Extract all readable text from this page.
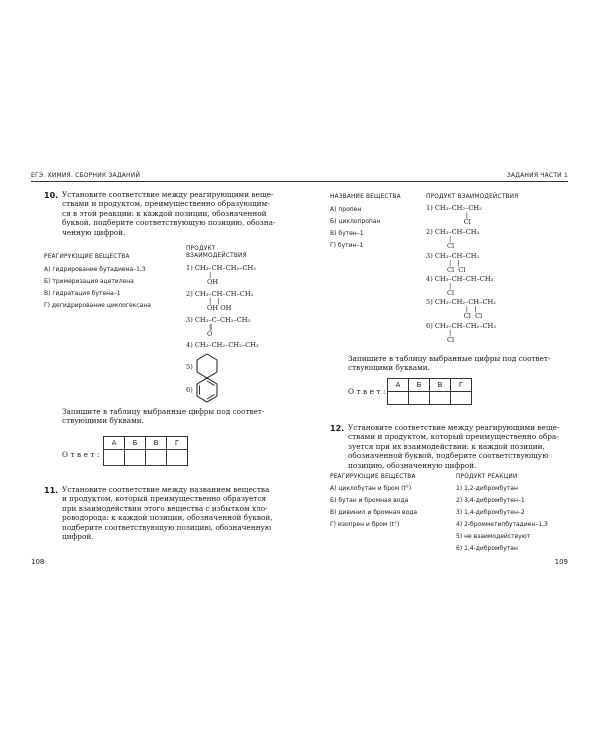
ЕГЭ. ХИМИЯ. СБОРНИК ЗАДАНИЙ
10. Установите соответствие между реагирующими веще-
ствами и продуктом, преимущественно образующим-
ся в этой реакции: к каждой позиции, обозначенной
буквой, подберите соответствующую позицию, обозна-
ченную цифрой.
РЕАГИРУЮЩИЕ ВЕЩЕСТВА
ПРОДУКТ
ВЗАИМОДЕЙСТВИЯ
А) гидрирование бутадиена–1,3
Б) тримеризация ацетилена
В) гидратация бутена–1
Г) дегидрирование циклогексана
1) CH₃–CH–CH₂–CH₃
|
OH
2) CH₃–CH–CH–CH₃
|   |
OH OH
3) CH₃–C–CH₂–CH₃
‖
O
4) CH₃–CH₂–CH₂–CH₃
5)
6)
Запишите в таблицу выбранные цифры под соответ-
ствующими буквами.
Ответ:
А	Б	В	Г

11. Установите соответствие между названием вещества
и продуктом, который преимущественно образуется
при взаимодействии этого вещества с избытком хло-
роводорода: к каждой позиции, обозначенной буквой,
подберите соответствующую позицию, обозначенную
цифрой.
108
ЗАДАНИЯ ЧАСТИ 1
НАЗВАНИЕ ВЕЩЕСТВА	ПРОДУКТ ВЗАИМОДЕЙСТВИЯ
А) пропен
Б) циклопропан
В) бутен–1
Г) бутин–1
1) CH₃–CH₂–CH₂
|
Cl
2) CH₃–CH–CH₃
|
Cl
3) CH₃–CH–CH₂
|   |
Cl  Cl
4) CH₃–CH–CH–CH₃
|
Cl
5) CH₃–CH₂–CH–CH₂
|   |
Cl  Cl
6) CH₃–CH–CH₂–CH₃
|
Cl
Запишите в таблицу выбранные цифры под соответ-
ствующими буквами.
Ответ:
А	Б	В	Г

12. Установите соответствие между реагирующими веще-
ствами и продуктом, который преимущественно обра-
зуется при их взаимодействии: к каждой позиции,
обозначенной буквой, подберите соответствующую
позицию, обозначенную цифрой.
РЕАГИРУЮЩИЕ ВЕЩЕСТВА	ПРОДУКТ РЕАКЦИИ
А) циклобутан и бром (t°)
Б) бутан и бромная вода
В) дивинил и бромная вода
Г) изопрен и бром (t°)
1) 1,2-дибромбутан
2) 3,4-дибромбутен–1
3) 1,4-дибромбутен–2
4) 2-бромметилбутадиен–1,3
5) не взаимодействуют
6) 1,4-дибромбутан
109
